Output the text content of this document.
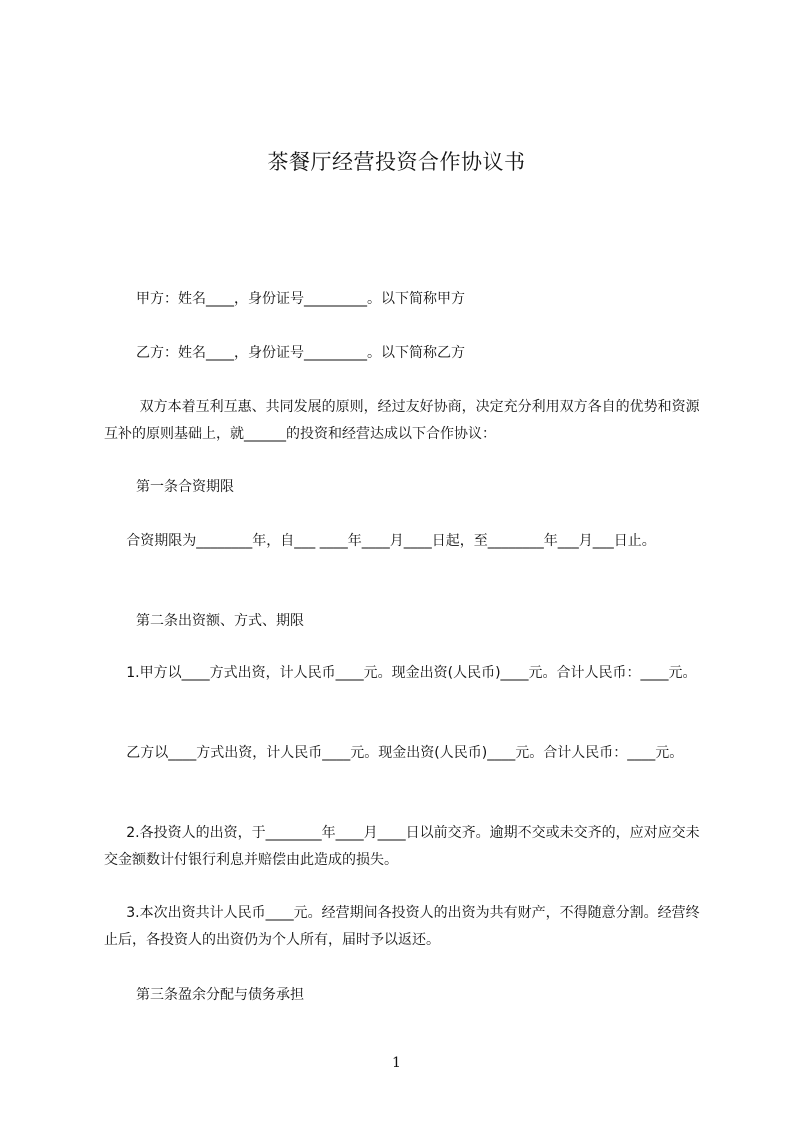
茶餐厅经营投资合作协议书
甲方：姓名____，身份证号_________。以下简称甲方
乙方：姓名____，身份证号_________。以下简称乙方
双方本着互利互惠、共同发展的原则，经过友好协商，决定充分利用双方各自的优势和资源互补的原则基础上，就______的投资和经营达成以下合作协议：
第一条合资期限
合资期限为________年，自___ ____年____月____日起，至________年___月___日止。
第二条出资额、方式、期限
1.甲方以____方式出资，计人民币____元。现金出资(人民币)____元。合计人民币：____元。
乙方以____方式出资，计人民币____元。现金出资(人民币)____元。合计人民币：____元。
2.各投资人的出资，于________年____月____日以前交齐。逾期不交或未交齐的，应对应交未交金额数计付银行利息并赔偿由此造成的损失。
3.本次出资共计人民币____元。经营期间各投资人的出资为共有财产，不得随意分割。经营终止后，各投资人的出资仍为个人所有，届时予以返还。
第三条盈余分配与债务承担
1
